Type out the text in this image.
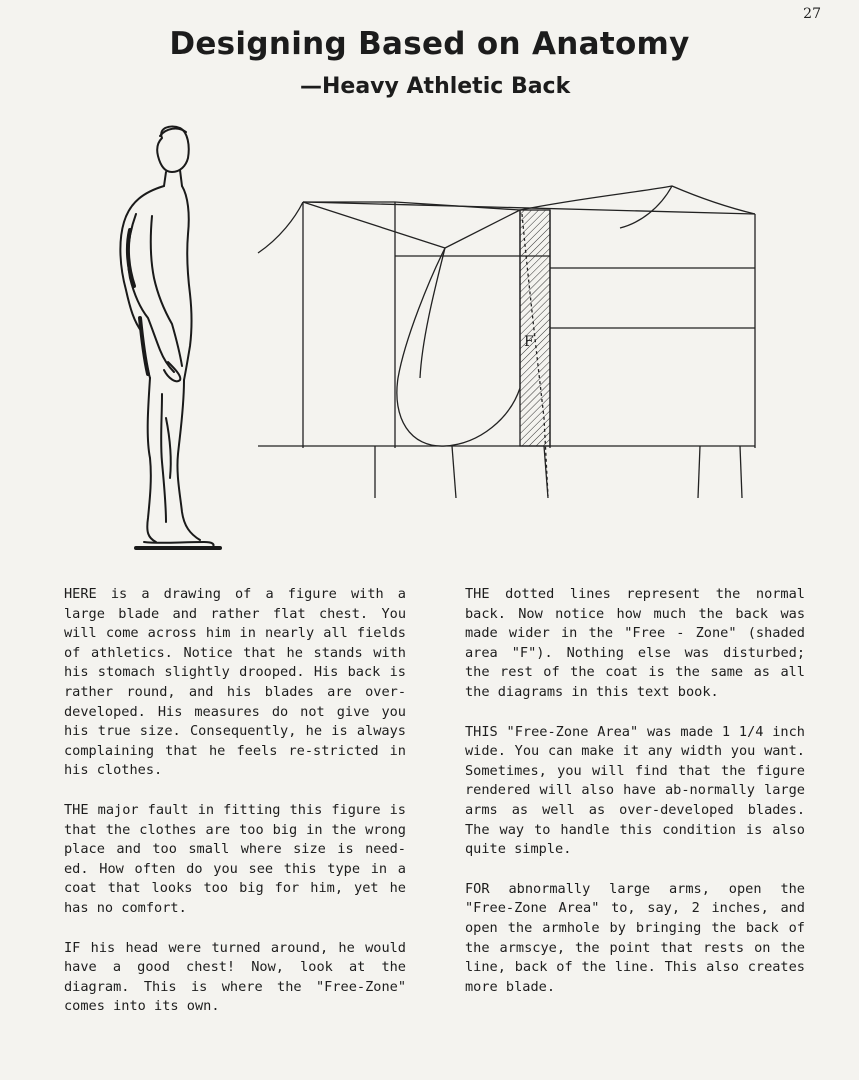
27
Designing Based on Anatomy
—Heavy Athletic Back
F

HERE is a drawing of a figure with a large blade and rather flat chest. You will come across him in nearly all fields of athletics. Notice that he stands with his stomach slightly drooped. His back is rather round, and his blades are over-developed. His measures do not give you his true size. Consequently, he is always complaining that he feels re-stricted in his clothes.

THE major fault in fitting this figure is that the clothes are too big in the wrong place and too small where size is need-ed. How often do you see this type in a coat that looks too big for him, yet he has no comfort.

IF his head were turned around, he would have a good chest! Now, look at the diagram. This is where the "Free-Zone" comes into its own.

THE dotted lines represent the normal back. Now notice how much the back was made wider in the "Free - Zone" (shaded area "F"). Nothing else was disturbed; the rest of the coat is the same as all the diagrams in this text book.

THIS "Free-Zone Area" was made 1 1/4 inch wide. You can make it any width you want. Sometimes, you will find that the figure rendered will also have ab-normally large arms as well as over-developed blades. The way to handle this condition is also quite simple.

FOR abnormally large arms, open the "Free-Zone Area" to, say, 2 inches, and open the armhole by bringing the back of the armscye, the point that rests on the line, back of the line. This also creates more blade.
